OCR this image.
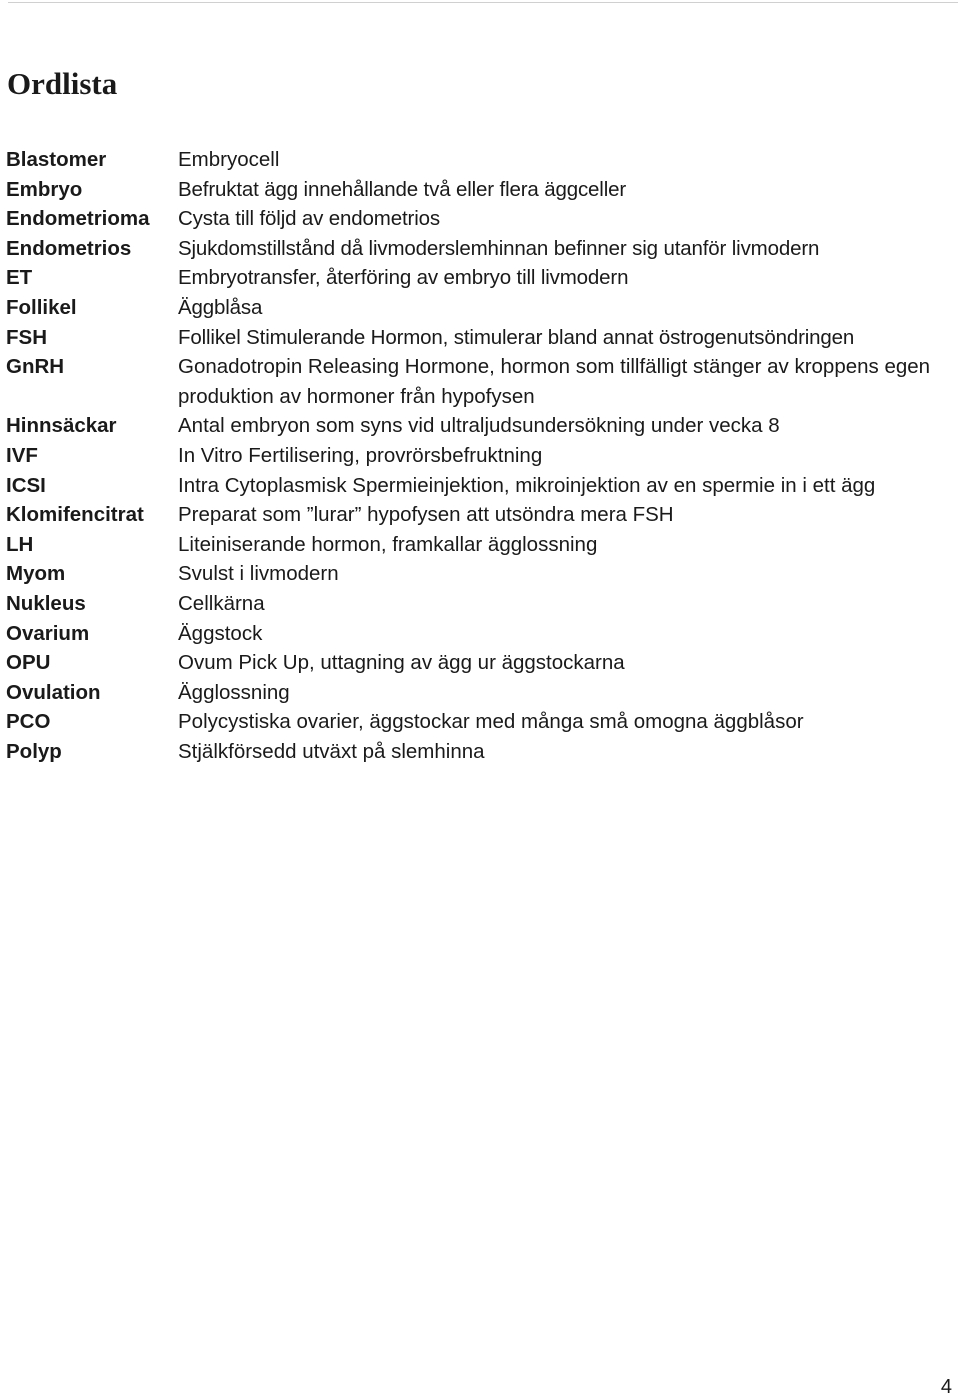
Ordlista
Blastomer	Embryocell
Embryo	Befruktat ägg innehållande två eller flera äggceller
Endometrioma	Cysta till följd av endometrios
Endometrios	Sjukdomstillstånd då livmoderslemhinnan befinner sig utanför livmodern
ET	Embryotransfer, återföring av embryo till livmodern
Follikel	Äggblåsa
FSH	Follikel Stimulerande Hormon, stimulerar bland annat östrogenutsöndringen
GnRH	Gonadotropin Releasing Hormone, hormon som tillfälligt stänger av kroppens egen produktion av hormoner från hypofysen
Hinnsäckar	Antal embryon som syns vid ultraljudsundersökning under vecka 8
IVF	In Vitro Fertilisering, provrörsbefruktning
ICSI	Intra Cytoplasmisk Spermieinjektion, mikroinjektion av en spermie in i ett ägg
Klomifencitrat	Preparat som ”lurar” hypofysen att utsöndra mera FSH
LH	Liteiniserande hormon, framkallar ägglossning
Myom	Svulst i livmodern
Nukleus	Cellkärna
Ovarium	Äggstock
OPU	Ovum Pick Up, uttagning av ägg ur äggstockarna
Ovulation	Ägglossning
PCO	Polycystiska ovarier, äggstockar med många små omogna äggblåsor
Polyp	Stjälkförsedd utväxt på slemhinna
4
